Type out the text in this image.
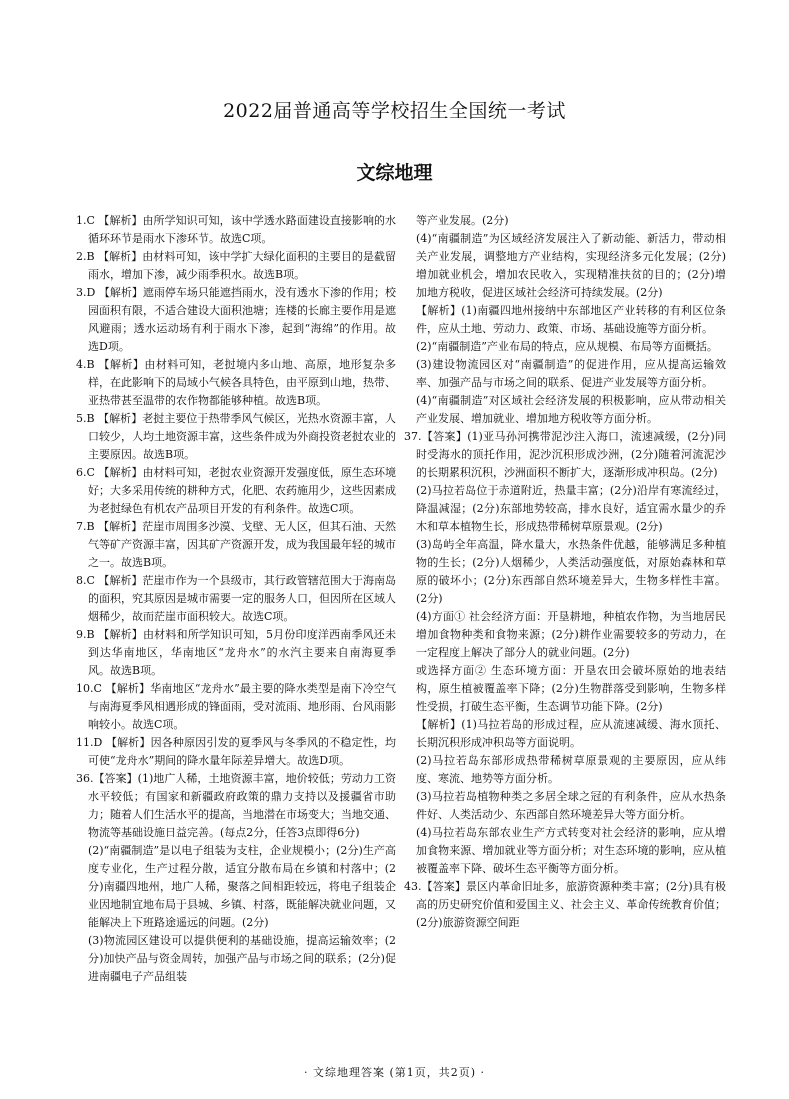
2022届普通高等学校招生全国统一考试
文综地理

1.C 【解析】由所学知识可知，该中学透水路面建设直接影响的水循环环节是雨水下渗环节。故选C项。

2.B 【解析】由材料可知，该中学扩大绿化面积的主要目的是截留雨水，增加下渗，减少雨季积水。故选B项。

3.D 【解析】遮雨停车场只能遮挡雨水，没有透水下渗的作用；校园面积有限，不适合建设大面积池塘；连楼的长廊主要作用是遮风避雨；透水运动场有利于雨水下渗，起到“海绵”的作用。故选D项。

4.B 【解析】由材料可知，老挝境内多山地、高原，地形复杂多样，在此影响下的局域小气候各具特色，由平原到山地，热带、亚热带甚至温带的农作物都能够种植。故选B项。

5.B 【解析】老挝主要位于热带季风气候区，光热水资源丰富，人口较少，人均土地资源丰富，这些条件成为外商投资老挝农业的主要原因。故选B项。

6.C 【解析】由材料可知，老挝农业资源开发强度低，原生态环境好；大多采用传统的耕种方式，化肥、农药施用少，这些因素成为老挝绿色有机农产品项目开发的有利条件。故选C项。

7.B 【解析】茫崖市周围多沙漠、戈壁、无人区，但其石油、天然气等矿产资源丰富，因其矿产资源开发，成为我国最年轻的城市之一。故选B项。

8.C 【解析】茫崖市作为一个县级市，其行政管辖范围大于海南岛的面积，究其原因是城市需要一定的服务人口，但因所在区域人烟稀少，故而茫崖市面积较大。故选C项。

9.B 【解析】由材料和所学知识可知，5月份印度洋西南季风还未到达华南地区，华南地区“龙舟水”的水汽主要来自南海夏季风。故选B项。

10.C 【解析】华南地区“龙舟水”最主要的降水类型是南下冷空气与南海夏季风相遇形成的锋面雨，受对流雨、地形雨、台风雨影响较小。故选C项。

11.D 【解析】因各种原因引发的夏季风与冬季风的不稳定性，均可使“龙舟水”期间的降水量年际差异增大。故选D项。

36.【答案】(1)地广人稀，土地资源丰富，地价较低；劳动力工资水平较低；有国家和新疆政府政策的鼎力支持以及援疆省市助力；随着人们生活水平的提高，当地潜在市场变大；当地交通、物流等基础设施日益完善。(每点2分，任答3点即得6分)

(2)“南疆制造”是以电子组装为支柱，企业规模小；(2分)生产高度专业化，生产过程分散，适宜分散布局在乡镇和村落中；(2分)南疆四地州，地广人稀，聚落之间相距较远，将电子组装企业因地制宜地布局于县城、乡镇、村落，既能解决就业问题，又能解决上下班路途遥远的问题。(2分)

(3)物流园区建设可以提供便利的基础设施，提高运输效率；(2分)加快产品与资金周转，加强产品与市场之间的联系；(2分)促进南疆电子产品组装

等产业发展。(2分)

(4)“南疆制造”为区域经济发展注入了新动能、新活力，带动相关产业发展，调整地方产业结构，实现经济多元化发展；(2分)增加就业机会，增加农民收入，实现精准扶贫的目的；(2分)增加地方税收，促进区域社会经济可持续发展。(2分)

【解析】(1)南疆四地州接纳中东部地区产业转移的有利区位条件，应从土地、劳动力、政策、市场、基础设施等方面分析。

(2)“南疆制造”产业布局的特点，应从规模、布局等方面概括。

(3)建设物流园区对“南疆制造”的促进作用，应从提高运输效率、加强产品与市场之间的联系、促进产业发展等方面分析。

(4)“南疆制造”对区域社会经济发展的积极影响，应从带动相关产业发展、增加就业、增加地方税收等方面分析。

37.【答案】(1)亚马孙河携带泥沙注入海口，流速减缓，(2分)同时受海水的顶托作用，泥沙沉积形成沙洲，(2分)随着河流泥沙的长期累积沉积，沙洲面积不断扩大，逐渐形成冲积岛。(2分)

(2)马拉若岛位于赤道附近，热量丰富；(2分)沿岸有寒流经过，降温减湿；(2分)东部地势较高，排水良好，适宜需水量少的乔木和草本植物生长，形成热带稀树草原景观。(2分)

(3)岛屿全年高温，降水量大，水热条件优越，能够满足多种植物的生长；(2分)人烟稀少，人类活动强度低，对原始森林和草原的破坏小；(2分)东西部自然环境差异大，生物多样性丰富。(2分)

(4)方面① 社会经济方面：开垦耕地，种植农作物，为当地居民增加食物种类和食物来源；(2分)耕作业需要较多的劳动力，在一定程度上解决了部分人的就业问题。(2分)

或选择方面② 生态环境方面：开垦农田会破坏原始的地表结构，原生植被覆盖率下降；(2分)生物群落受到影响，生物多样性受损，打破生态平衡，生态调节功能下降。(2分)

【解析】(1)马拉若岛的形成过程，应从流速减缓、海水顶托、长期沉积形成冲积岛等方面说明。

(2)马拉若岛东部形成热带稀树草原景观的主要原因，应从纬度、寒流、地势等方面分析。

(3)马拉若岛植物种类之多居全球之冠的有利条件，应从水热条件好、人类活动少、东西部自然环境差异大等方面分析。

(4)马拉若岛东部农业生产方式转变对社会经济的影响，应从增加食物来源、增加就业等方面分析；对生态环境的影响，应从植被覆盖率下降、破坏生态平衡等方面分析。

43.【答案】景区内革命旧址多，旅游资源种类丰富；(2分)具有极高的历史研究价值和爱国主义、社会主义、革命传统教育价值；(2分)旅游资源空间距

· 文综地理答案 (第1页，共2页) ·
